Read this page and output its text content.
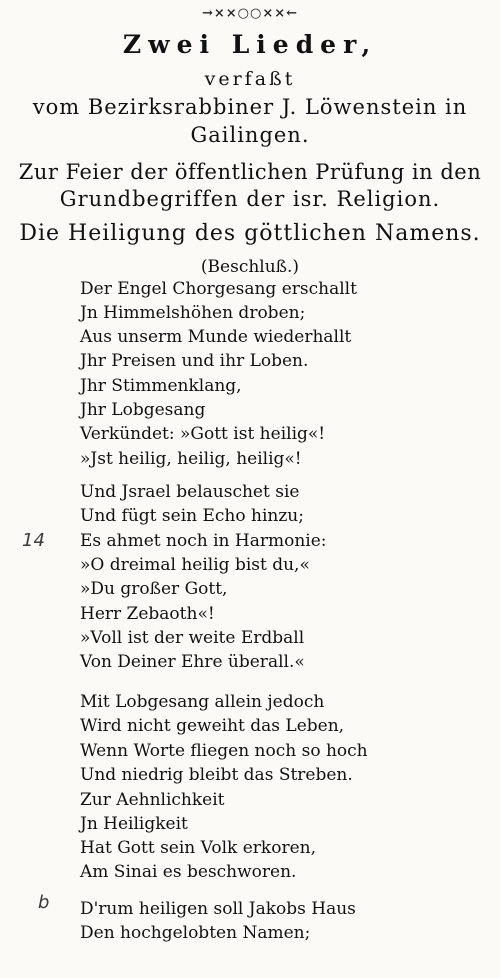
→××○○××←
Zwei Lieder,
verfaßt
vom Bezirksrabbiner J. Löwenstein in
Gailingen.
Zur Feier der öffentlichen Prüfung in den
Grundbegriffen der isr. Religion.
Die Heiligung des göttlichen Namens.
(Beschluß.)
Der Engel Chorgesang erschallt
Jn Himmelshöhen droben;
Aus unserm Munde wiederhallt
Jhr Preisen und ihr Loben.
Jhr Stimmenklang,
Jhr Lobgesang
Verkündet: »Gott ist heilig«!
»Jst heilig, heilig, heilig«!
Und Jsrael belauschet sie
Und fügt sein Echo hinzu;
Es ahmet noch in Harmonie:
»O dreimal heilig bist du,«
»Du großer Gott,
Herr Zebaoth«!
»Voll ist der weite Erdball
Von Deiner Ehre überall.«
Mit Lobgesang allein jedoch
Wird nicht geweiht das Leben,
Wenn Worte fliegen noch so hoch
Und niedrig bleibt das Streben.
Zur Aehnlichkeit
Jn Heiligkeit
Hat Gott sein Volk erkoren,
Am Sinai es beschworen.
D'rum heiligen soll Jakobs Haus
Den hochgelobten Namen;
14
b
